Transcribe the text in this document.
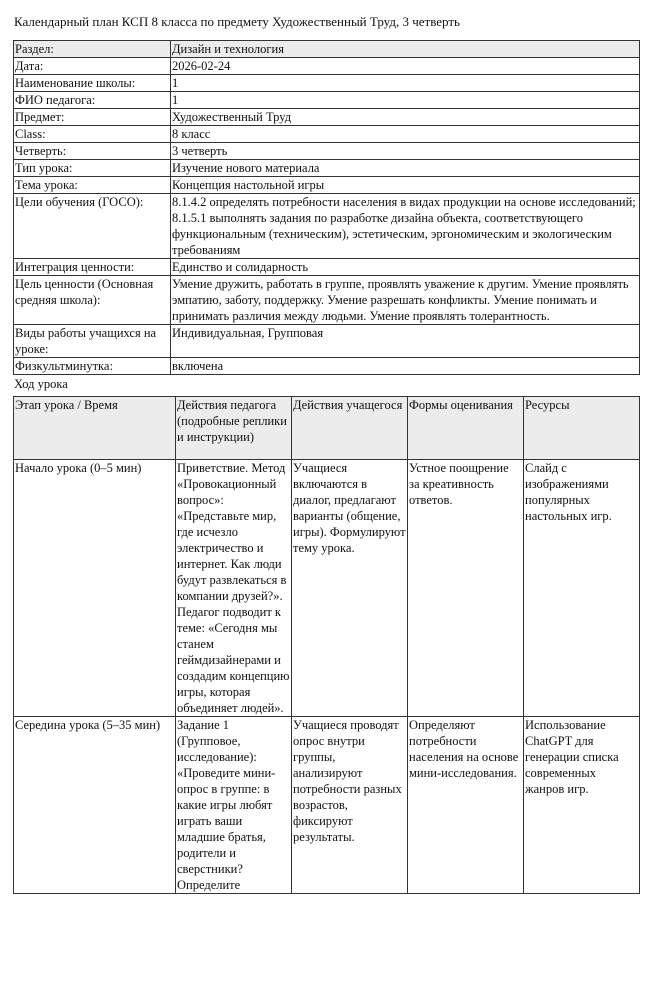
Календарный план КСП 8 класса по предмету Художественный Труд, 3 четверть
Раздел:	Дизайн и технология
Дата:	2026-02-24
Наименование школы:	1
ФИО педагога:	1
Предмет:	Художественный Труд
Class:	8 класс
Четверть:	3 четверть
Тип урока:	Изучение нового материала
Тема урока:	Концепция настольной игры
Цели обучения (ГОСО):	8.1.4.2 определять потребности населения в видах продукции на основе исследований; 8.1.5.1 выполнять задания по разработке дизайна объекта, соответствующего функциональным (техническим), эстетическим, эргономическим и экологическим требованиям
Интеграция ценности:	Единство и солидарность
Цель ценности (Основная средняя школа):	Умение дружить, работать в группе, проявлять уважение к другим. Умение проявлять эмпатию, заботу, поддержку. Умение разрешать конфликты. Умение понимать и принимать различия между людьми. Умение проявлять толерантность.
Виды работы учащихся на уроке:	Индивидуальная, Групповая
Физкультминутка:	включена
Ход урока
Этап урока / Время	Действия педагога (подробные реплики и инструкции)	Действия учащегося	Формы оценивания	Ресурсы
Начало урока (0–5 мин)	Приветствие. Метод «Провокационный вопрос»: «Представьте мир, где исчезло электричество и интернет. Как люди будут развлекаться в компании друзей?». Педагог подводит к теме: «Сегодня мы станем геймдизайнерами и создадим концепцию игры, которая объединяет людей».	Учащиеся включаются в диалог, предлагают варианты (общение, игры). Формулируют тему урока.	Устное поощрение за креативность ответов.	Слайд с изображениями популярных настольных игр.
Середина урока (5–35 мин)	Задание 1 (Групповое, исследование): «Проведите мини-опрос в группе: в какие игры любят играть ваши младшие братья, родители и сверстники? Определите	Учащиеся проводят опрос внутри группы, анализируют потребности разных возрастов, фиксируют результаты.	Определяют потребности населения на основе мини-исследования.	Использование ChatGPT для генерации списка современных жанров игр.
